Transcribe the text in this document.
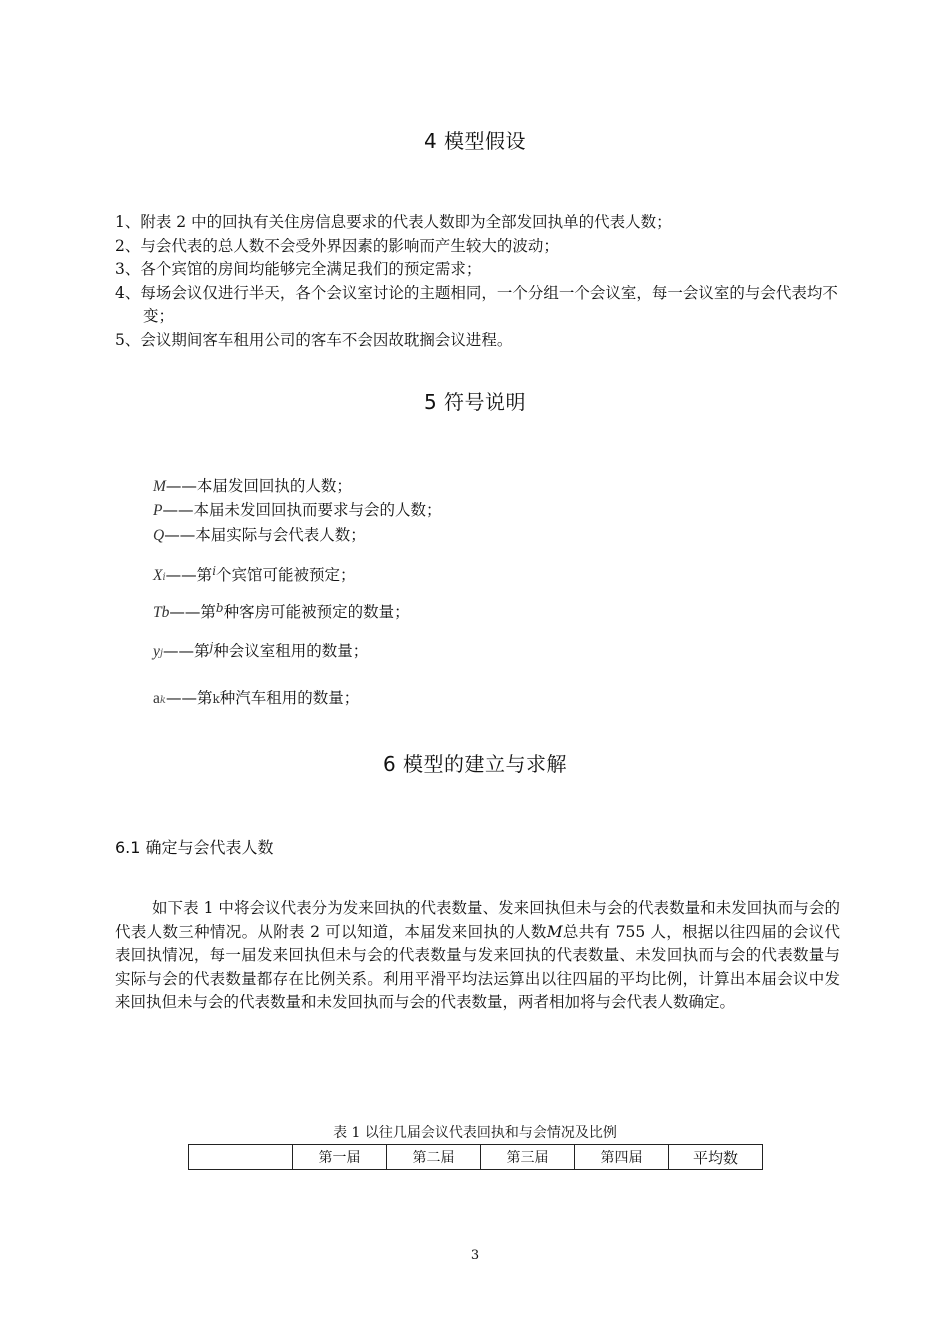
4 模型假设
1、附表 2 中的回执有关住房信息要求的代表人数即为全部发回执单的代表人数；
2、与会代表的总人数不会受外界因素的影响而产生较大的波动；
3、各个宾馆的房间均能够完全满足我们的预定需求；
4、每场会议仅进行半天，各个会议室讨论的主题相同，一个分组一个会议室，每一会议室的与会代表均不变；
5、会议期间客车租用公司的客车不会因故耽搁会议进程。
5 符号说明
M——本届发回回执的人数；
P——本届未发回回执而要求与会的人数；
Q——本届实际与会代表人数；
Xi——第$^i$个宾馆可能被预定；
Tb——第$^b$种客房可能被预定的数量；
yj——第$^j$种会议室租用的数量；
ak——第k种汽车租用的数量；
6 模型的建立与求解
6.1 确定与会代表人数

如下表 1 中将会议代表分为发来回执的代表数量、发来回执但未与会的代表数量和未发回执而与会的代表人数三种情况。从附表 2 可以知道，本届发来回执的人数M总共有 755 人，根据以往四届的会议代表回执情况，每一届发来回执但未与会的代表数量与发来回执的代表数量、未发回执而与会的代表数量与实际与会的代表数量都存在比例关系。利用平滑平均法运算出以往四届的平均比例，计算出本届会议中发来回执但未与会的代表数量和未发回执而与会的代表数量，两者相加将与会代表人数确定。

表 1 以往几届会议代表回执和与会情况及比例
	第一届	第二届	第三届	第四届	平均数
3
